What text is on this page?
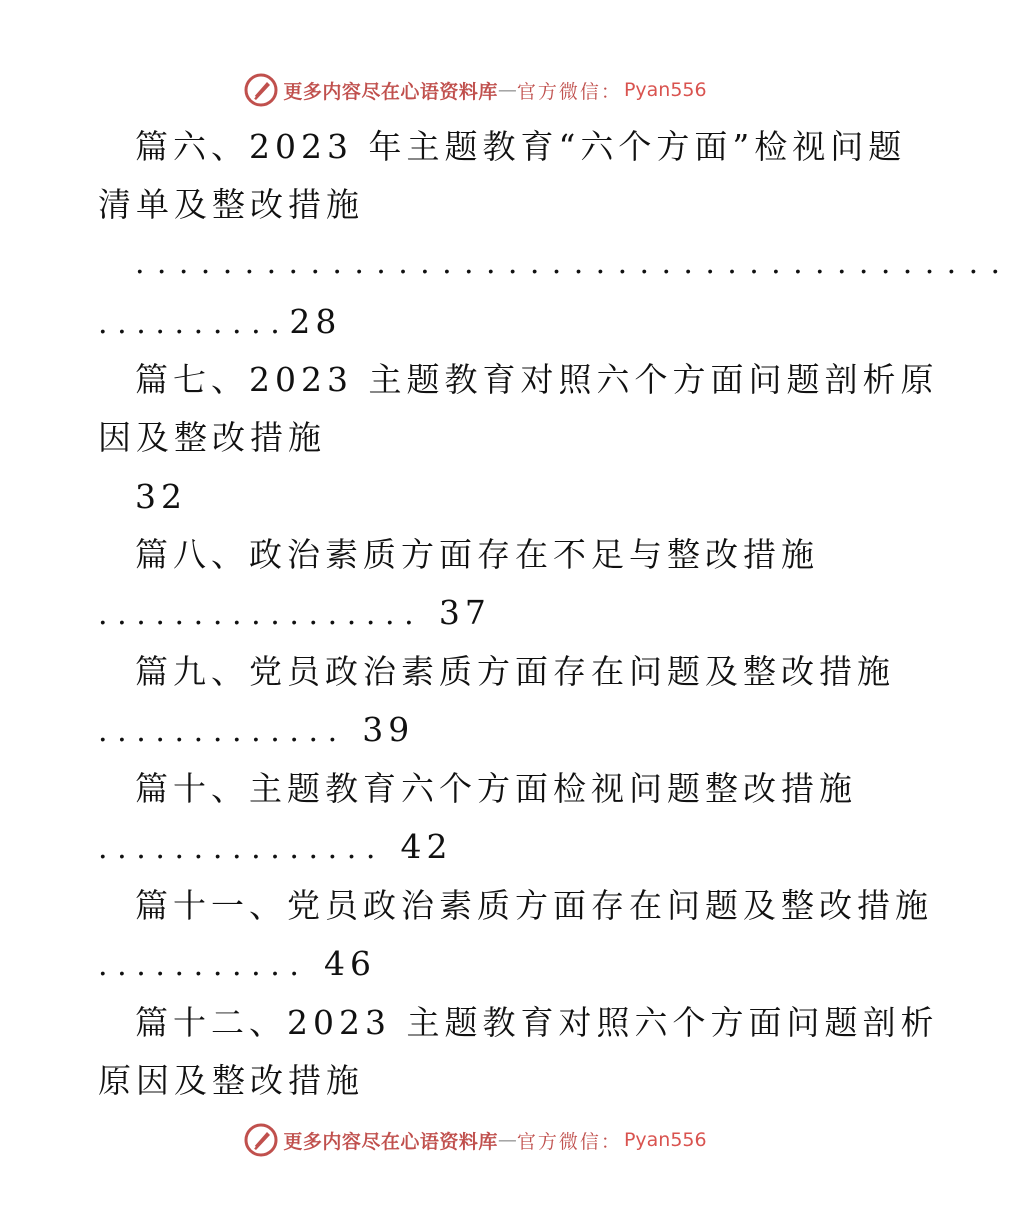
更多内容尽在心语资料库 — 官方微信： Pyan556
篇六、2023 年主题教育“六个方面”检视问题
清单及整改措施
........................................
..........28
篇七、2023 主题教育对照六个方面问题剖析原
因及整改措施
32
篇八、政治素质方面存在不足与整改措施
................. 37
篇九、党员政治素质方面存在问题及整改措施
............. 39
篇十、主题教育六个方面检视问题整改措施
............... 42
篇十一、党员政治素质方面存在问题及整改措施
........... 46
篇十二、2023 主题教育对照六个方面问题剖析
原因及整改措施
更多内容尽在心语资料库 — 官方微信： Pyan556
